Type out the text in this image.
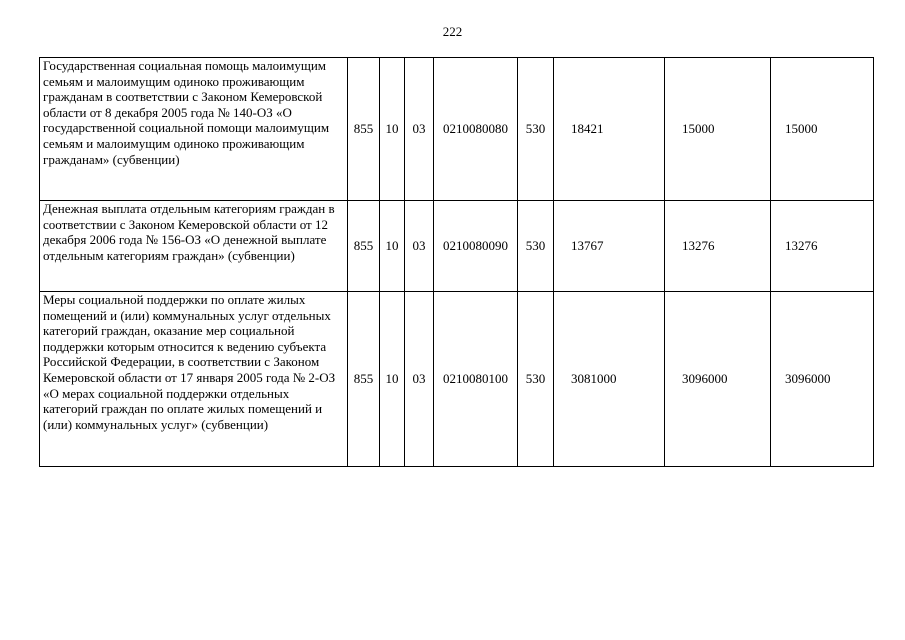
222
Государственная социальная помощь малоимущим семьям и малоимущим одиноко проживающим гражданам в соответствии с Законом Кемеровской области от 8 декабря 2005 года № 140-ОЗ «О государственной социальной помощи малоимущим семьям и малоимущим одиноко проживающим гражданам» (субвенции)	855	10	03	0210080080	530	18421	15000	15000
Денежная выплата отдельным категориям граждан в соответствии с Законом Кемеровской области от 12 декабря 2006 года № 156-ОЗ «О денежной выплате отдельным категориям граждан» (субвенции)	855	10	03	0210080090	530	13767	13276	13276
Меры социальной поддержки по оплате жилых помещений и (или) коммунальных услуг отдельных категорий граждан, оказание мер социальной поддержки которым относится к ведению субъекта Российской Федерации, в соответствии с Законом Кемеровской области от 17 января 2005 года № 2-ОЗ «О мерах социальной поддержки отдельных категорий граждан по оплате жилых помещений и (или) коммунальных услуг» (субвенции)	855	10	03	0210080100	530	3081000	3096000	3096000
